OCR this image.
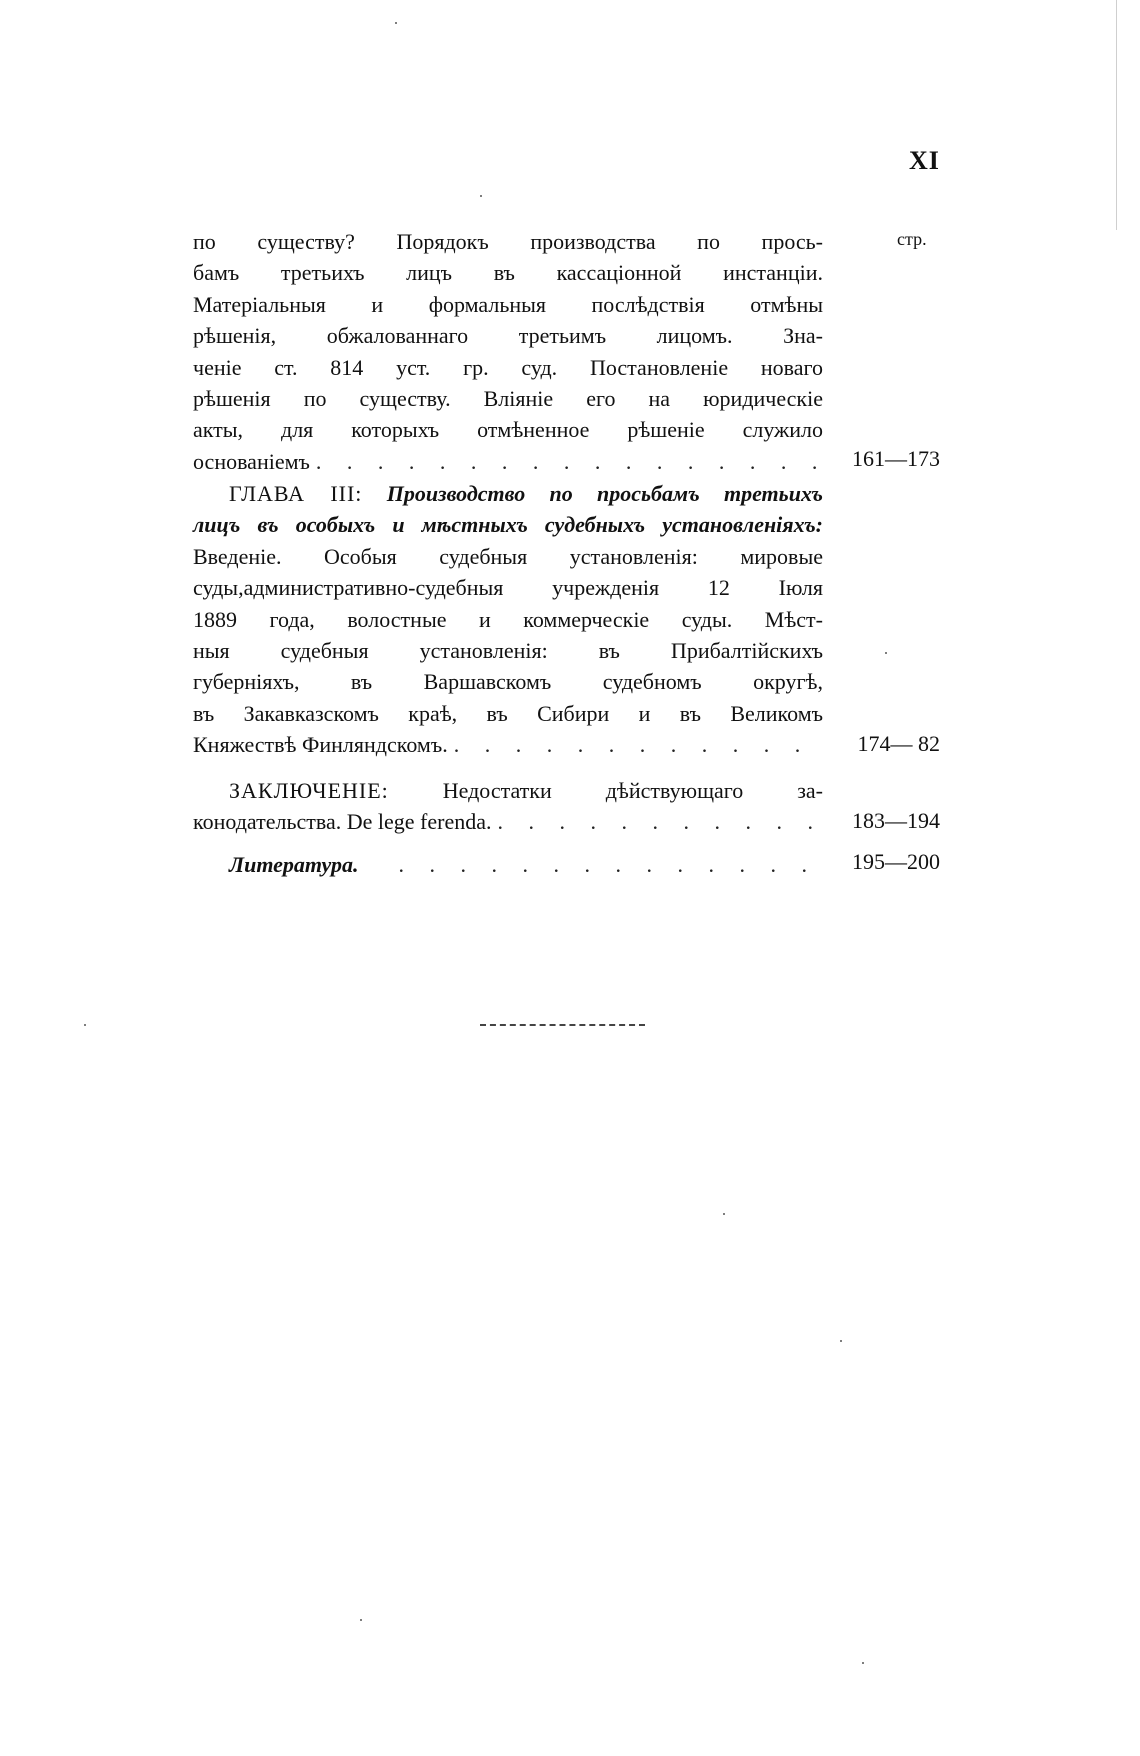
XI
стр.
по существу? Порядокъ производства по прось-
бамъ третьихъ лицъ въ кассаціонной инстанціи.
Матеріальныя и формальныя послѣдствія отмѣны
рѣшенія, обжалованнаго третьимъ лицомъ. Зна-
ченіе ст. 814 уст. гр. суд. Постановленіе новаго
рѣшенія по существу. Вліяніе его на юридическіе
акты, для которыхъ отмѣненное рѣшеніе служило
основаніемъ . . .	161—173
ГЛАВА III: Производство по просьбамъ третьихъ
лицъ въ особыхъ и мѣстныхъ судебныхъ установленіяхъ:
Введеніе. Особыя судебныя установленія: мировые
суды,административно-судебныя учрежденія 12 Іюля
1889 года, волостные и коммерческіе суды. Мѣст-
ныя судебныя установленія: въ Прибалтійскихъ
губерніяхъ, въ Варшавскомъ судебномъ округѣ,
въ Закавказскомъ краѣ, въ Сибири и въ Великомъ
Княжествѣ Финляндскомъ. . . .	174— 82
ЗАКЛЮЧЕНІЕ: Недостатки дѣйствующаго за-
конодательства. De lege ferenda. . . .	183—194
Литература. . . .	195—200
